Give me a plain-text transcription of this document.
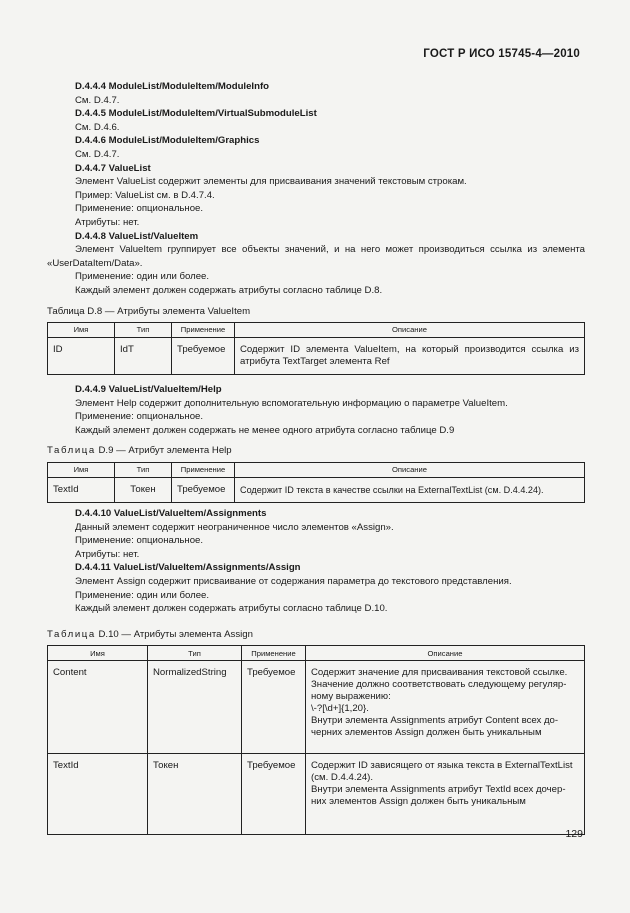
ГОСТ Р ИСО 15745-4—2010
D.4.4.4 ModuleList/ModuleItem/ModuleInfo
См. D.4.7.
D.4.4.5 ModuleList/ModuleItem/VirtualSubmoduleList
См. D.4.6.
D.4.4.6 ModuleList/ModuleItem/Graphics
См. D.4.7.
D.4.4.7 ValueList
Элемент ValueList содержит элементы для присваивания значений текстовым строкам.
Пример: ValueList см. в D.4.7.4.
Применение: опциональное.
Атрибуты: нет.
D.4.4.8 ValueList/ValueItem
Элемент ValueItem группирует все объекты значений, и на него может производиться ссылка из элемента «UserDataItem/Data».
Применение: один или более.
Каждый элемент должен содержать атрибуты согласно таблице D.8.
Таблица D.8 — Атрибуты элемента ValueItem
Имя	Тип	Применение	Описание
ID	IdT	Требуемое	Содержит ID элемента ValueItem, на который производится ссылка из атрибута TextTarget элемента Ref
D.4.4.9 ValueList/ValueItem/Help
Элемент Help содержит дополнительную вспомогательную информацию о параметре ValueItem.
Применение: опциональное.
Каждый элемент должен содержать не менее одного атрибута согласно таблице D.9
Таблица D.9 — Атрибут элемента Help
Имя	Тип	Применение	Описание
TextId	Токен	Требуемое	Содержит ID текста в качестве ссылки на ExternalTextList (см. D.4.4.24).
D.4.4.10 ValueList/ValueItem/Assignments
Данный элемент содержит неограниченное число элементов «Assign».
Применение: опциональное.
Атрибуты: нет.
D.4.4.11 ValueList/ValueItem/Assignments/Assign
Элемент Assign содержит присваивание от содержания параметра до текстового представления.
Применение: один или более.
Каждый элемент должен содержать атрибуты согласно таблице D.10.
Таблица D.10 — Атрибуты элемента Assign
Имя	Тип	Применение	Описание
Content	NormalizedString	Требуемое	Содержит значение для присваивания текстовой ссылке.
Значение должно соответствовать следующему регуляр-ному выражению:
\-?[\d+]{1,20}.
Внутри элемента Assignments атрибут Content всех до-черних элементов Assign должен быть уникальным

TextId	Токен	Требуемое	Содержит ID зависящего от языка текста в ExternalTextList (см. D.4.4.24).
Внутри элемента Assignments атрибут TextId всех дочер-них элементов Assign должен быть уникальным
129
